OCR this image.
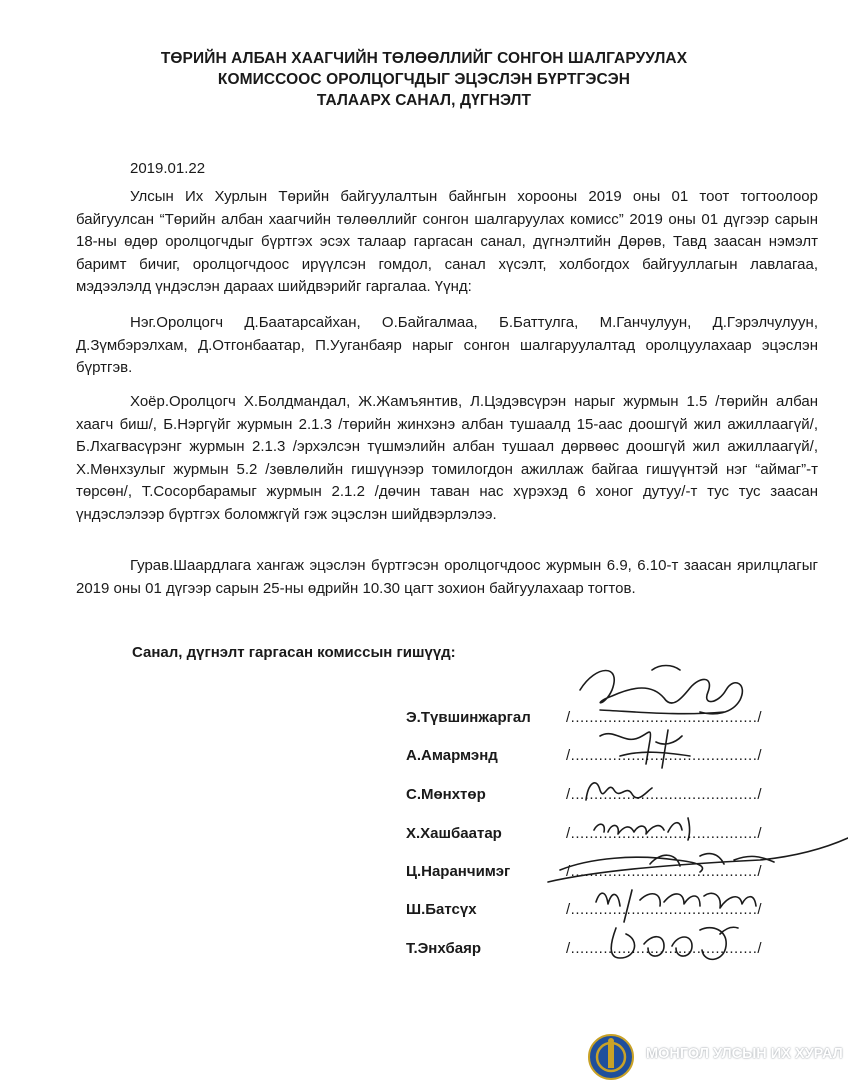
ТӨРИЙН АЛБАН ХААГЧИЙН ТӨЛӨӨЛЛИЙГ СОНГОН ШАЛГАРУУЛАХ
КОМИССООС ОРОЛЦОГЧДЫГ ЭЦЭСЛЭН БҮРТГЭСЭН
ТАЛААРХ САНАЛ, ДҮГНЭЛТ
2019.01.22

Улсын Их Хурлын Төрийн байгуулалтын байнгын хорооны 2019 оны 01 тоот тогтоолоор байгуулсан “Төрийн албан хаагчийн төлөөллийг сонгон шалгаруулах комисс” 2019 оны 01 дүгээр сарын 18-ны өдөр оролцогчдыг бүртгэх эсэх талаар гаргасан санал, дүгнэлтийн Дөрөв, Тавд заасан нэмэлт баримт бичиг, оролцогчдоос ирүүлсэн гомдол, санал хүсэлт, холбогдох байгууллагын лавлагаа, мэдээлэлд үндэслэн дараах шийдвэрийг гаргалаа. Үүнд:

Нэг.Оролцогч Д.Баатарсайхан, О.Байгалмаа, Б.Баттулга, М.Ганчулуун, Д.Гэрэлчулуун, Д.Зүмбэрэлхам, Д.Отгонбаатар, П.Ууганбаяр нарыг сонгон шалгаруулалтад оролцуулахаар эцэслэн бүртгэв.

Хоёр.Оролцогч Х.Болдмандал, Ж.Жамъянтив, Л.Цэдэвсүрэн нарыг журмын 1.5 /төрийн албан хаагч биш/, Б.Нэргүйг журмын 2.1.3 /төрийн жинхэнэ албан тушаалд 15-аас доошгүй жил ажиллаагүй/, Б.Лхагвасүрэнг журмын 2.1.3 /эрхэлсэн түшмэлийн албан тушаал дөрвөөс доошгүй жил ажиллаагүй/, Х.Мөнхзулыг журмын 5.2 /зөвлөлийн гишүүнээр томилогдон ажиллаж байгаа гишүүнтэй нэг “аймаг”-т төрсөн/, Т.Сосорбарамыг журмын 2.1.2 /дөчин таван нас хүрэхэд 6 хоног дутуу/-т тус тус заасан үндэслэлээр бүртгэх боломжгүй гэж эцэслэн шийдвэрлэлээ.

Гурав.Шаардлага хангаж эцэслэн бүртгэсэн оролцогчдоос журмын 6.9, 6.10-т заасан ярилцлагыг 2019 оны 01 дүгээр сарын 25-ны өдрийн 10.30 цагт зохион байгуулахаар тогтов.

Санал, дүгнэлт гаргасан комиссын гишүүд:
Э.Түвшинжаргал /......................................../
А.Амармэнд	/......................................../
С.Мөнхтөр	/......................................../
Х.Хашбаатар	/......................................../
Ц.Наранчимэг	/......................................../
Ш.Батсүх	/......................................../
Т.Энхбаяр	/......................................../
МОНГОЛ УЛСЫН ИХ ХУРАЛ
